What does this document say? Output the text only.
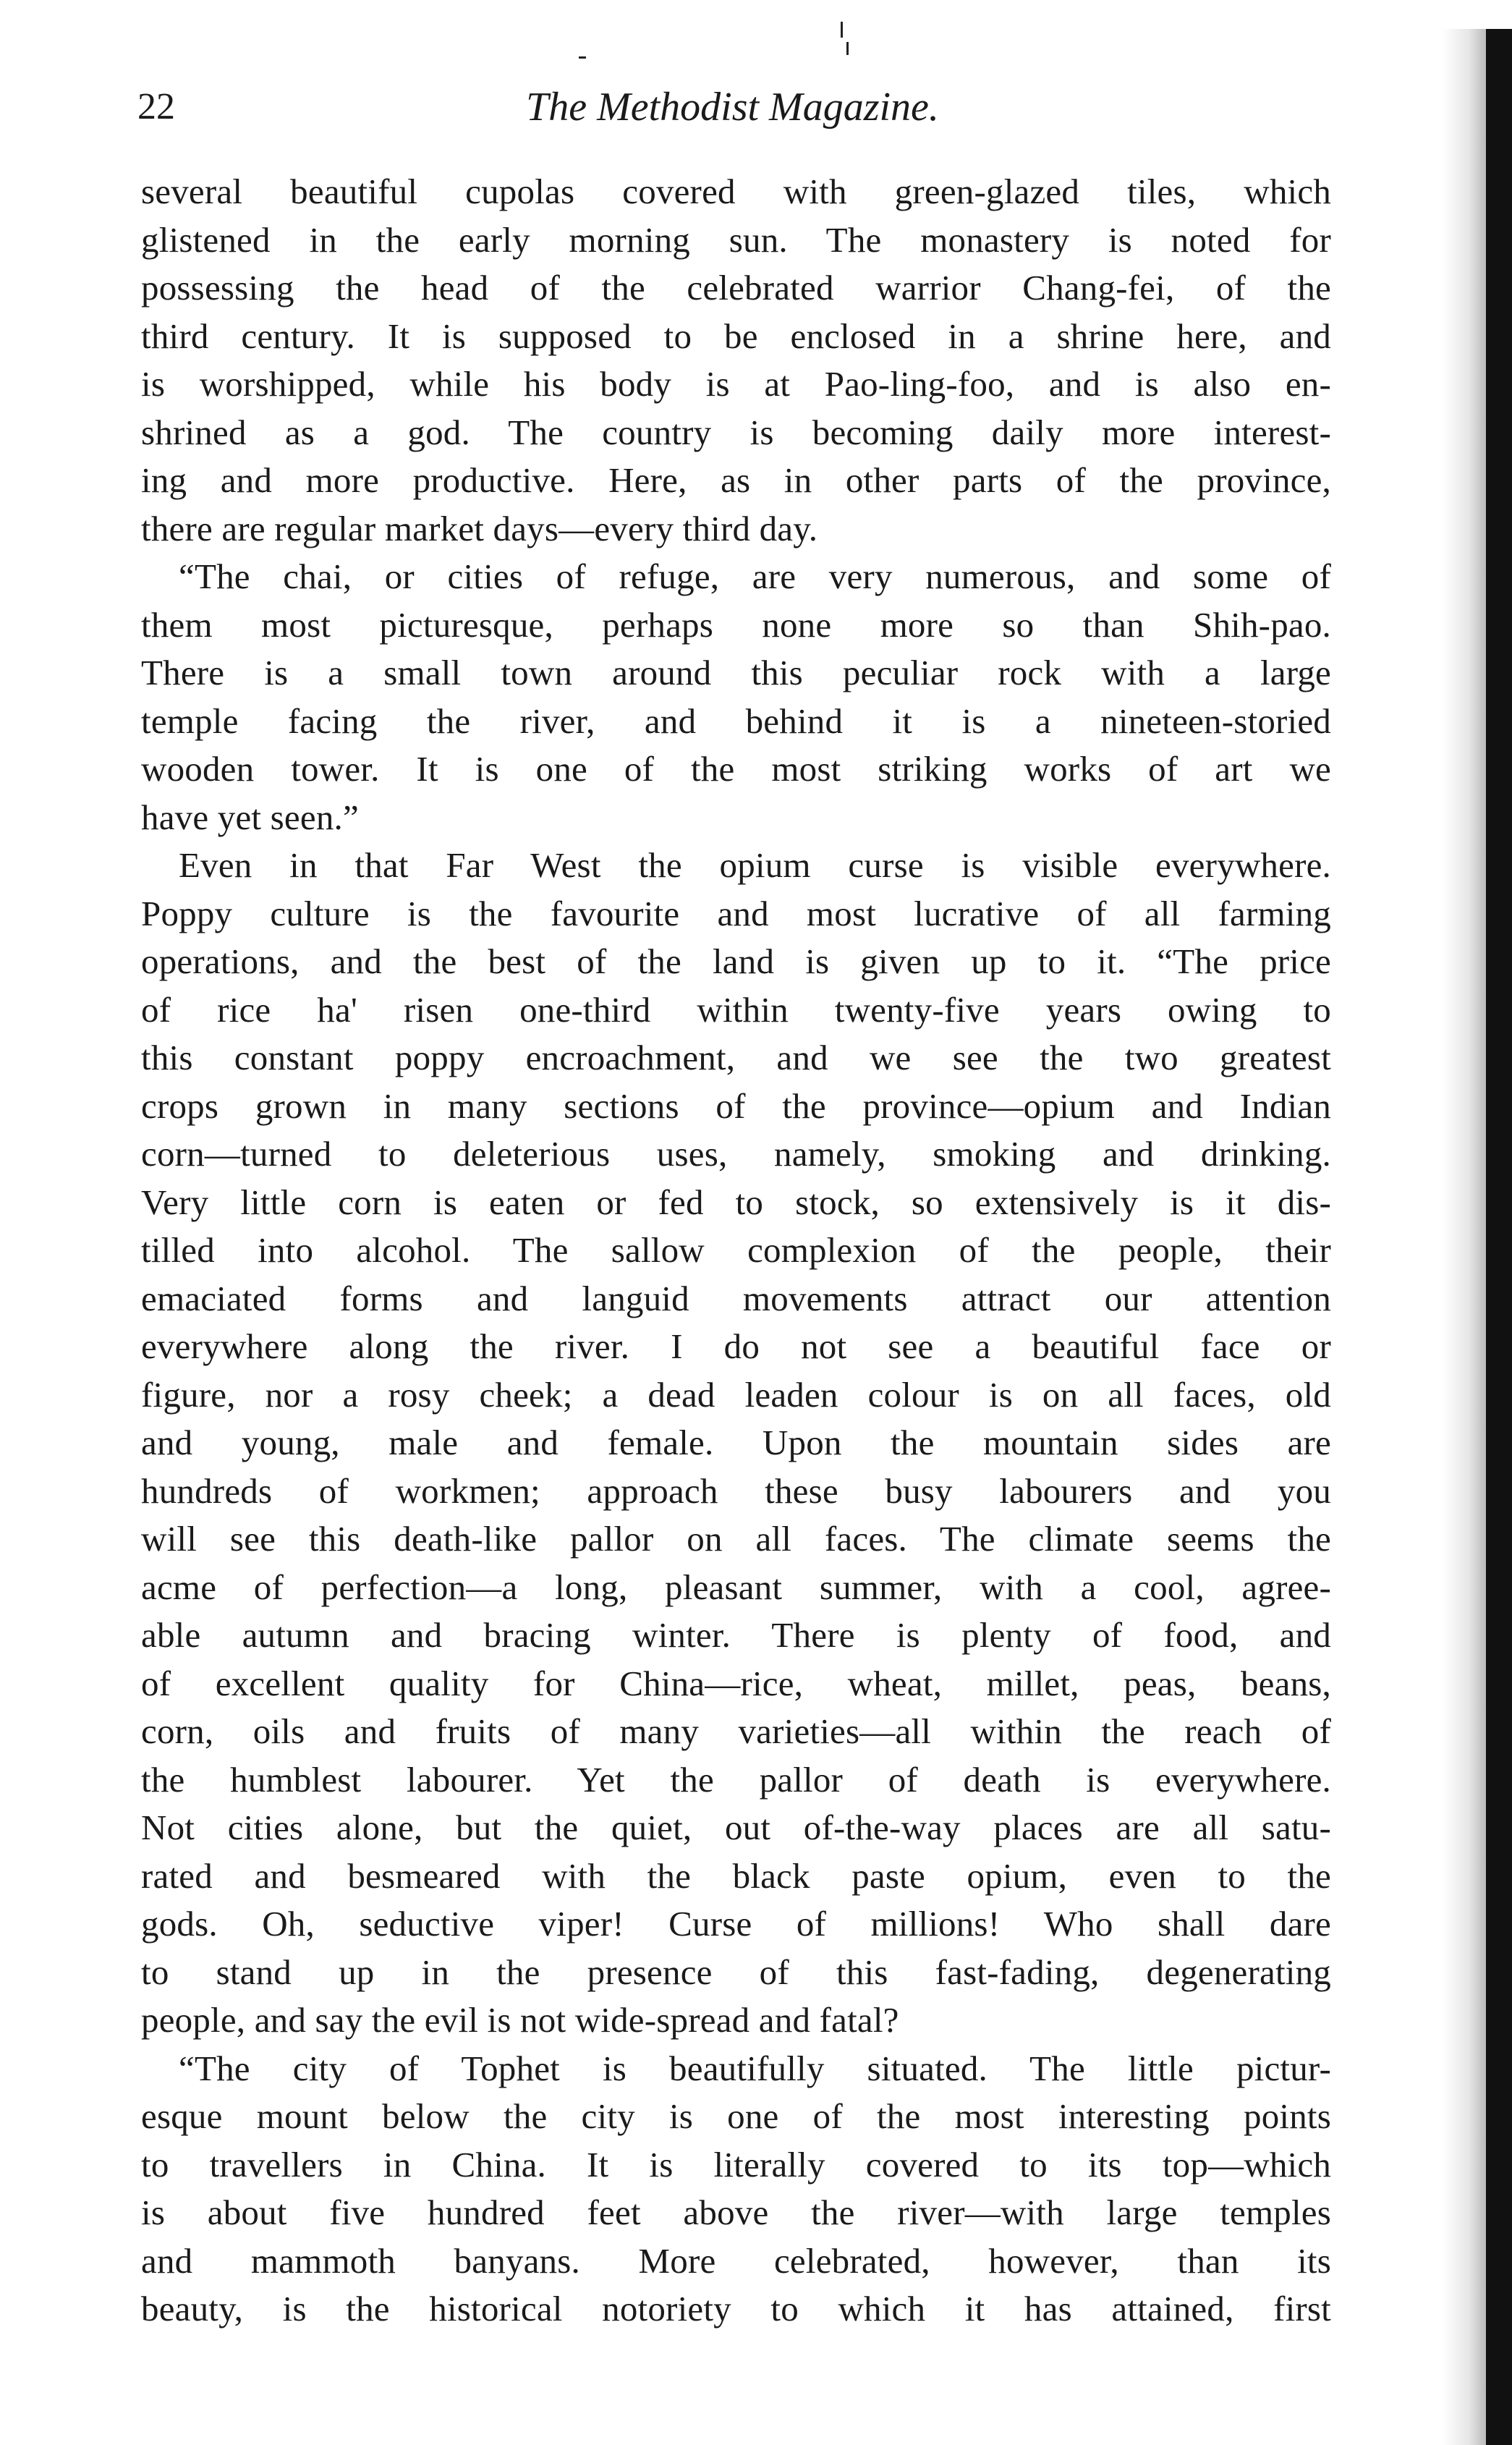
22	The Methodist Magazine.
several beautiful cupolas covered with green-glazed tiles, which
glistened in the early morning sun. The monastery is noted for
possessing the head of the celebrated warrior Chang-fei, of the
third century. It is supposed to be enclosed in a shrine here, and
is worshipped, while his body is at Pao-ling-foo, and is also en-
shrined as a god. The country is becoming daily more interest-
ing and more productive. Here, as in other parts of the province,
there are regular market days—every third day.
“The chai, or cities of refuge, are very numerous, and some of
them most picturesque, perhaps none more so than Shih-pao.
There is a small town around this peculiar rock with a large
temple facing the river, and behind it is a nineteen-storied
wooden tower. It is one of the most striking works of art we
have yet seen.”
Even in that Far West the opium curse is visible everywhere.
Poppy culture is the favourite and most lucrative of all farming
operations, and the best of the land is given up to it. “The price
of rice ha' risen one-third within twenty-five years owing to
this constant poppy encroachment, and we see the two greatest
crops grown in many sections of the province—opium and Indian
corn—turned to deleterious uses, namely, smoking and drinking.
Very little corn is eaten or fed to stock, so extensively is it dis-
tilled into alcohol. The sallow complexion of the people, their
emaciated forms and languid movements attract our attention
everywhere along the river. I do not see a beautiful face or
figure, nor a rosy cheek; a dead leaden colour is on all faces, old
and young, male and female. Upon the mountain sides are
hundreds of workmen; approach these busy labourers and you
will see this death-like pallor on all faces. The climate seems the
acme of perfection—a long, pleasant summer, with a cool, agree-
able autumn and bracing winter. There is plenty of food, and
of excellent quality for China—rice, wheat, millet, peas, beans,
corn, oils and fruits of many varieties—all within the reach of
the humblest labourer. Yet the pallor of death is everywhere.
Not cities alone, but the quiet, out of-the-way places are all satu-
rated and besmeared with the black paste opium, even to the
gods. Oh, seductive viper! Curse of millions! Who shall dare
to stand up in the presence of this fast-fading, degenerating
people, and say the evil is not wide-spread and fatal?
“The city of Tophet is beautifully situated. The little pictur-
esque mount below the city is one of the most interesting points
to travellers in China. It is literally covered to its top—which
is about five hundred feet above the river—with large temples
and mammoth banyans. More celebrated, however, than its
beauty, is the historical notoriety to which it has attained, first
